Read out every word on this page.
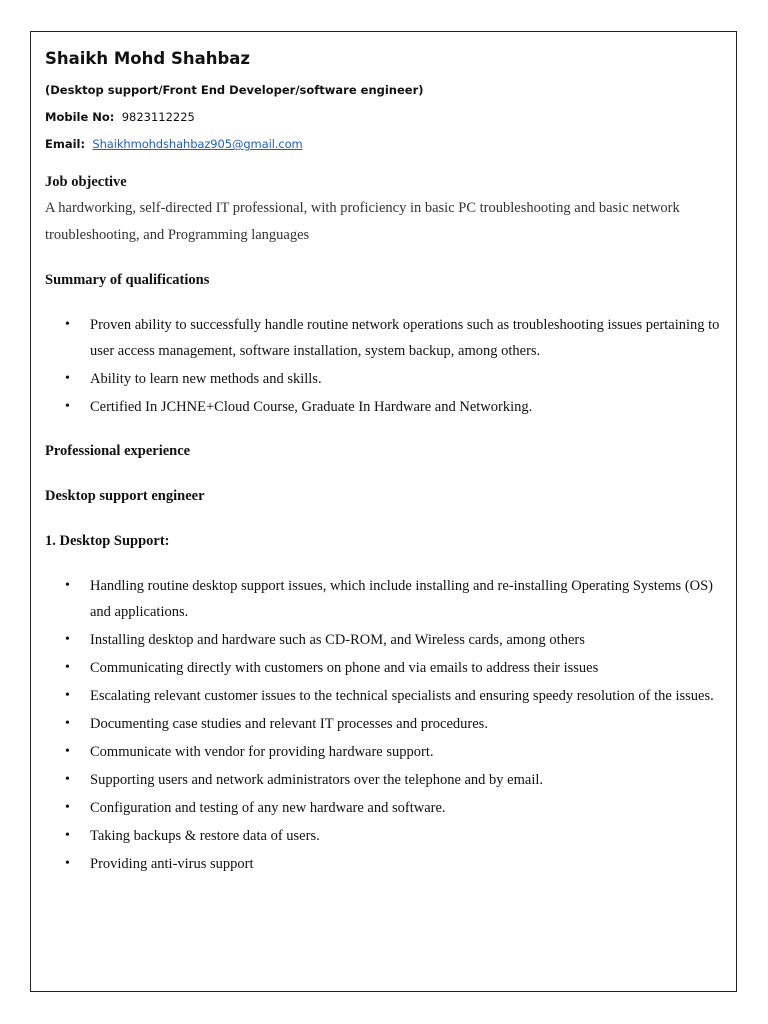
Shaikh Mohd Shahbaz

(Desktop support/Front End Developer/software engineer)

Mobile No: 9823112225

Email: Shaikhmohdshahbaz905@gmail.com

Job objective

A hardworking, self-directed IT professional, with proficiency in basic PC troubleshooting and basic network troubleshooting, and Programming languages

Summary of qualifications

• Proven ability to successfully handle routine network operations such as troubleshooting issues pertaining to user access management, software installation, system backup, among others.
• Ability to learn new methods and skills.
• Certified In JCHNE+Cloud Course, Graduate In Hardware and Networking.

Professional experience

Desktop support engineer

1. Desktop Support:

• Handling routine desktop support issues, which include installing and re-installing Operating Systems (OS) and applications.
• Installing desktop and hardware such as CD-ROM, and Wireless cards, among others
• Communicating directly with customers on phone and via emails to address their issues
• Escalating relevant customer issues to the technical specialists and ensuring speedy resolution of the issues.
• Documenting case studies and relevant IT processes and procedures.
• Communicate with vendor for providing hardware support.
• Supporting users and network administrators over the telephone and by email.
• Configuration and testing of any new hardware and software.
• Taking backups & restore data of users.
• Providing anti-virus support
